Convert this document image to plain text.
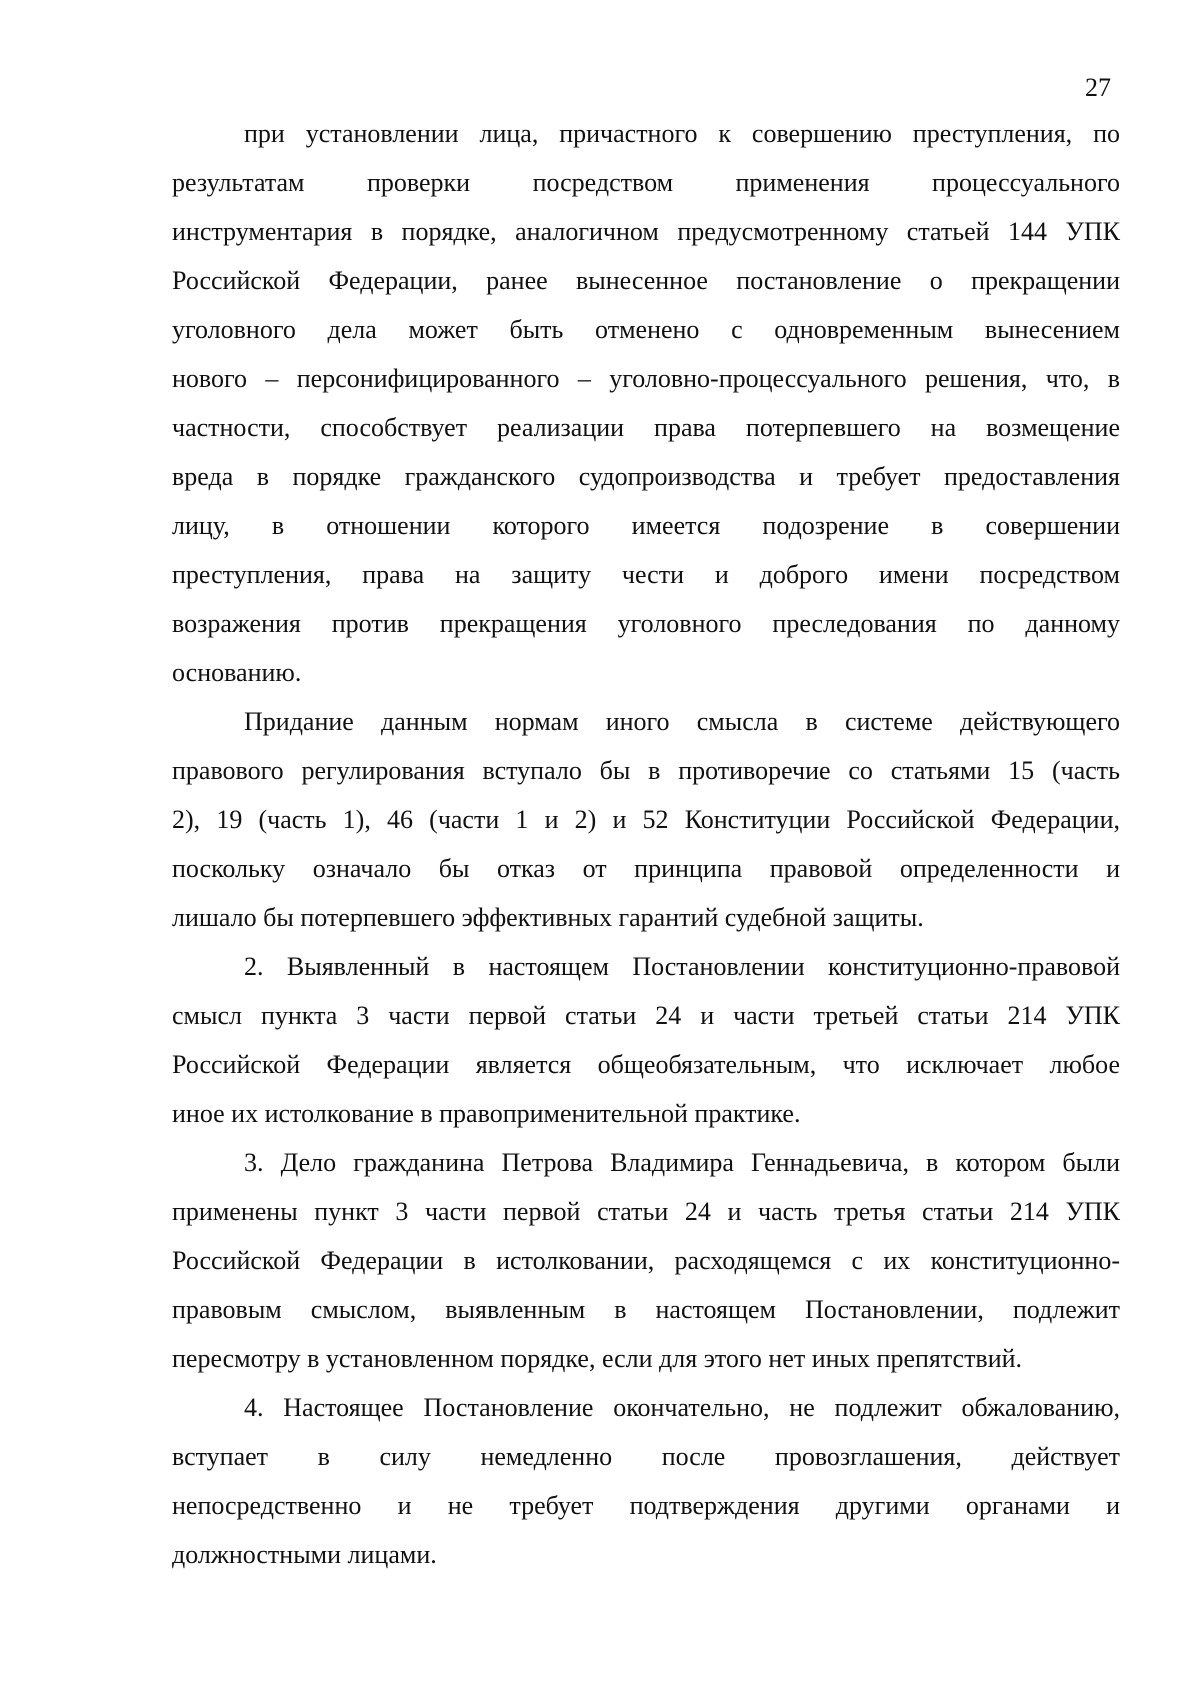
27
при установлении лица, причастного к совершению преступления, по
результатам проверки посредством применения процессуального
инструментария в порядке, аналогичном предусмотренному статьей 144 УПК
Российской Федерации, ранее вынесенное постановление о прекращении
уголовного дела может быть отменено с одновременным вынесением
нового – персонифицированного – уголовно-процессуального решения, что, в
частности, способствует реализации права потерпевшего на возмещение
вреда в порядке гражданского судопроизводства и требует предоставления
лицу, в отношении которого имеется подозрение в совершении
преступления, права на защиту чести и доброго имени посредством
возражения против прекращения уголовного преследования по данному
основанию.
Придание данным нормам иного смысла в системе действующего
правового регулирования вступало бы в противоречие со статьями 15 (часть
2), 19 (часть 1), 46 (части 1 и 2) и 52 Конституции Российской Федерации,
поскольку означало бы отказ от принципа правовой определенности и
лишало бы потерпевшего эффективных гарантий судебной защиты.
2. Выявленный в настоящем Постановлении конституционно-правовой
смысл пункта 3 части первой статьи 24 и части третьей статьи 214 УПК
Российской Федерации является общеобязательным, что исключает любое
иное их истолкование в правоприменительной практике.
3. Дело гражданина Петрова Владимира Геннадьевича, в котором были
применены пункт 3 части первой статьи 24 и часть третья статьи 214 УПК
Российской Федерации в истолковании, расходящемся с их конституционно-
правовым смыслом, выявленным в настоящем Постановлении, подлежит
пересмотру в установленном порядке, если для этого нет иных препятствий.
4. Настоящее Постановление окончательно, не подлежит обжалованию,
вступает в силу немедленно после провозглашения, действует
непосредственно и не требует подтверждения другими органами и
должностными лицами.
